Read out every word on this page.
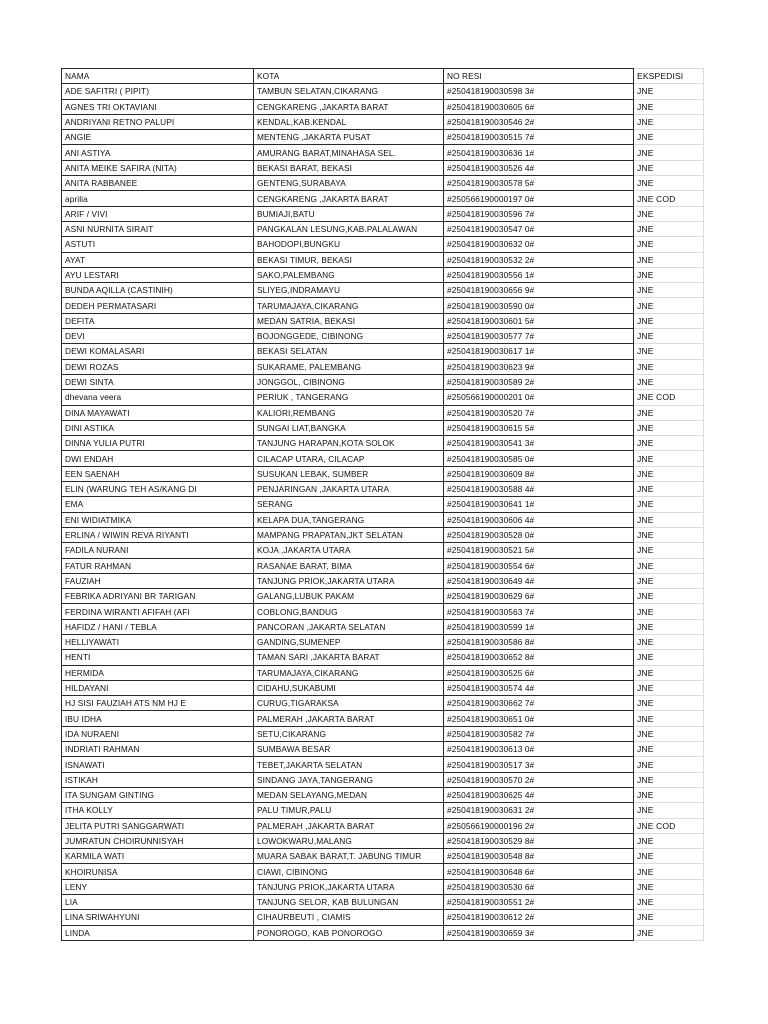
NAMA	KOTA	NO RESI	EKSPEDISI
ADE SAFITRI ( PIPIT)	TAMBUN SELATAN,CIKARANG	#250418190030598 3#	JNE
AGNES TRI OKTAVIANI	CENGKARENG ,JAKARTA BARAT	#250418190030605 6#	JNE
ANDRIYANI RETNO PALUPI	KENDAL,KAB.KENDAL	#250418190030546 2#	JNE
ANGIE	MENTENG ,JAKARTA PUSAT	#250418190030515 7#	JNE
ANI ASTIYA	AMURANG BARAT,MINAHASA SEL.	#250418190030636 1#	JNE
ANITA MEIKE SAFIRA (NITA)	BEKASI BARAT, BEKASI	#250418190030526 4#	JNE
ANITA RABBANEE	GENTENG,SURABAYA	#250418190030578 5#	JNE
aprilia	CENGKARENG ,JAKARTA BARAT	#250566190000197 0#	JNE COD
ARIF / VIVI	BUMIAJI,BATU	#250418190030596 7#	JNE
ASNI NURNITA SIRAIT	PANGKALAN LESUNG,KAB.PALALAWAN	#250418190030547 0#	JNE
ASTUTI	BAHODOPI,BUNGKU	#250418190030632 0#	JNE
AYAT	BEKASI TIMUR, BEKASI	#250418190030532 2#	JNE
AYU LESTARI	SAKO,PALEMBANG	#250418190030556 1#	JNE
BUNDA AQILLA (CASTINIH)	SLIYEG,INDRAMAYU	#250418190030656 9#	JNE
DEDEH PERMATASARI	TARUMAJAYA,CIKARANG	#250418190030590 0#	JNE
DEFITA	MEDAN SATRIA, BEKASI	#250418190030601 5#	JNE
DEVI	BOJONGGEDE, CIBINONG	#250418190030577 7#	JNE
DEWI KOMALASARI	BEKASI SELATAN	#250418190030617 1#	JNE
DEWI ROZAS	SUKARAME, PALEMBANG	#250418190030623 9#	JNE
DEWI SINTA	JONGGOL, CIBINONG	#250418190030589 2#	JNE
dhevana veera	PERIUK , TANGERANG	#250566190000201 0#	JNE COD
DINA MAYAWATI	KALIORI,REMBANG	#250418190030520 7#	JNE
DINI ASTIKA	SUNGAI LIAT,BANGKA	#250418190030615 5#	JNE
DINNA YULIA PUTRI	TANJUNG HARAPAN,KOTA SOLOK	#250418190030541 3#	JNE
DWI ENDAH	CILACAP UTARA, CILACAP	#250418190030585 0#	JNE
EEN SAENAH	SUSUKAN LEBAK, SUMBER	#250418190030609 8#	JNE
ELIN (WARUNG TEH AS/KANG DI	PENJARINGAN ,JAKARTA UTARA	#250418190030588 4#	JNE
EMA	SERANG	#250418190030641 1#	JNE
ENI WIDIATMIKA	KELAPA DUA,TANGERANG	#250418190030606 4#	JNE
ERLINA / WIWIN REVA RIYANTI	MAMPANG PRAPATAN,JKT SELATAN	#250418190030528 0#	JNE
FADILA NURANI	KOJA ,JAKARTA UTARA	#250418190030521 5#	JNE
FATUR RAHMAN	RASANAE BARAT, BIMA	#250418190030554 6#	JNE
FAUZIAH	TANJUNG PRIOK,JAKARTA UTARA	#250418190030649 4#	JNE
FEBRIKA ADRIYANI BR TARIGAN	GALANG,LUBUK PAKAM	#250418190030629 6#	JNE
FERDINA WIRANTI AFIFAH (AFI	COBLONG,BANDUG	#250418190030563 7#	JNE
HAFIDZ / HANI / TEBLA	PANCORAN ,JAKARTA SELATAN	#250418190030599 1#	JNE
HELLIYAWATI	GANDING,SUMENEP	#250418190030586 8#	JNE
HENTI	TAMAN SARI ,JAKARTA BARAT	#250418190030652 8#	JNE
HERMIDA	TARUMAJAYA,CIKARANG	#250418190030525 6#	JNE
HILDAYANI	CIDAHU,SUKABUMI	#250418190030574 4#	JNE
HJ SISI FAUZIAH ATS NM HJ E	CURUG,TIGARAKSA	#250418190030662 7#	JNE
IBU IDHA	PALMERAH ,JAKARTA BARAT	#250418190030651 0#	JNE
IDA NURAENI	SETU,CIKARANG	#250418190030582 7#	JNE
INDRIATI RAHMAN	SUMBAWA BESAR	#250418190030613 0#	JNE
ISNAWATI	TEBET,JAKARTA SELATAN	#250418190030517 3#	JNE
ISTIKAH	SINDANG JAYA,TANGERANG	#250418190030570 2#	JNE
ITA SUNGAM GINTING	MEDAN SELAYANG,MEDAN	#250418190030625 4#	JNE
ITHA KOLLY	PALU TIMUR,PALU	#250418190030631 2#	JNE
JELITA PUTRI SANGGARWATI	PALMERAH ,JAKARTA BARAT	#250566190000196 2#	JNE COD
JUMRATUN CHOIRUNNISYAH	LOWOKWARU,MALANG	#250418190030529 8#	JNE
KARMILA WATI	MUARA SABAK BARAT,T. JABUNG TIMUR	#250418190030548 8#	JNE
KHOIRUNISA	CIAWI, CIBINONG	#250418190030648 6#	JNE
LENY	TANJUNG PRIOK,JAKARTA UTARA	#250418190030530 6#	JNE
LIA	TANJUNG SELOR, KAB BULUNGAN	#250418190030551 2#	JNE
LINA SRIWAHYUNI	CIHAURBEUTI , CIAMIS	#250418190030612 2#	JNE
LINDA	PONOROGO, KAB PONOROGO	#250418190030659 3#	JNE
